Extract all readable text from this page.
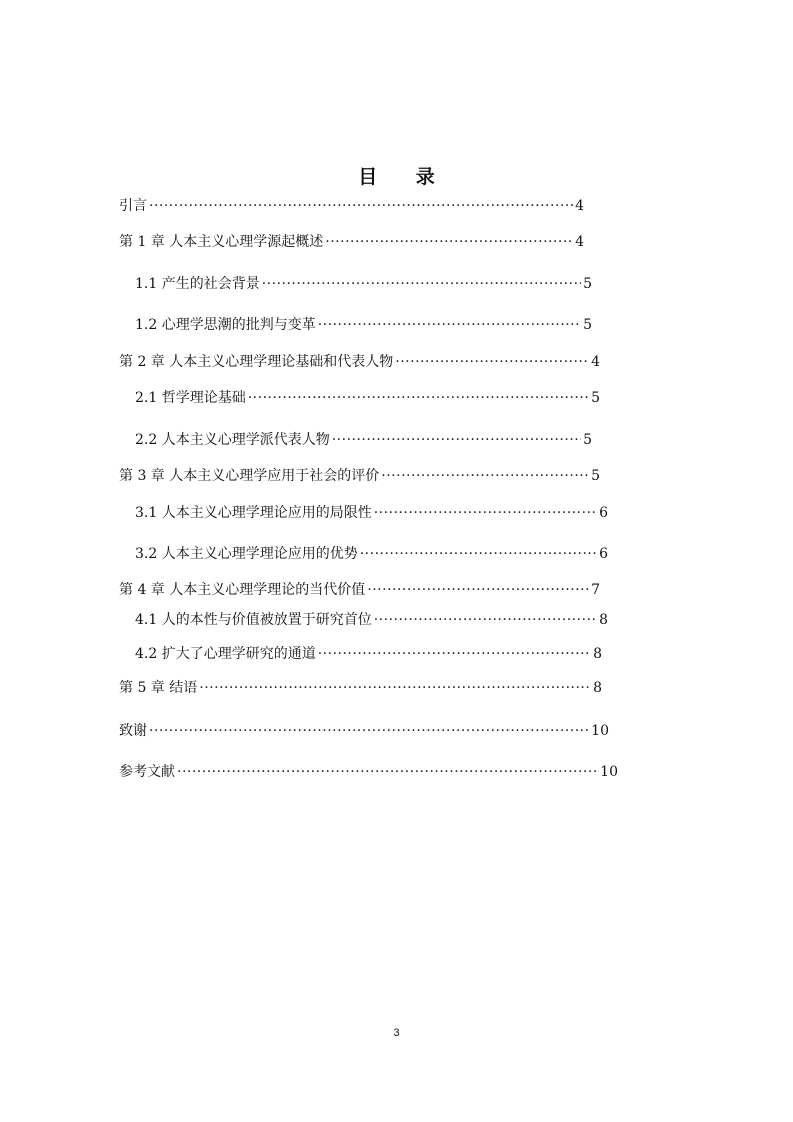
目 录
引言 ·····	4
第 1 章 人本主义心理学源起概述 ·····	4
1.1 产生的社会背景 ·····	5
1.2 心理学思潮的批判与变革 ·····	5
第 2 章 人本主义心理学理论基础和代表人物 ·····	4
2.1 哲学理论基础 ·····	5
2.2 人本主义心理学派代表人物 ·····	5
第 3 章 人本主义心理学应用于社会的评价 ·····	5
3.1 人本主义心理学理论应用的局限性 ·····	6
3.2 人本主义心理学理论应用的优势 ·····	6
第 4 章 人本主义心理学理论的当代价值 ·····	7
4.1 人的本性与价值被放置于研究首位 ·····	8
4.2 扩大了心理学研究的通道 ·····	8
第 5 章 结语 ·····	8
致谢 ·····	10
参考文献 ·····	10
3
